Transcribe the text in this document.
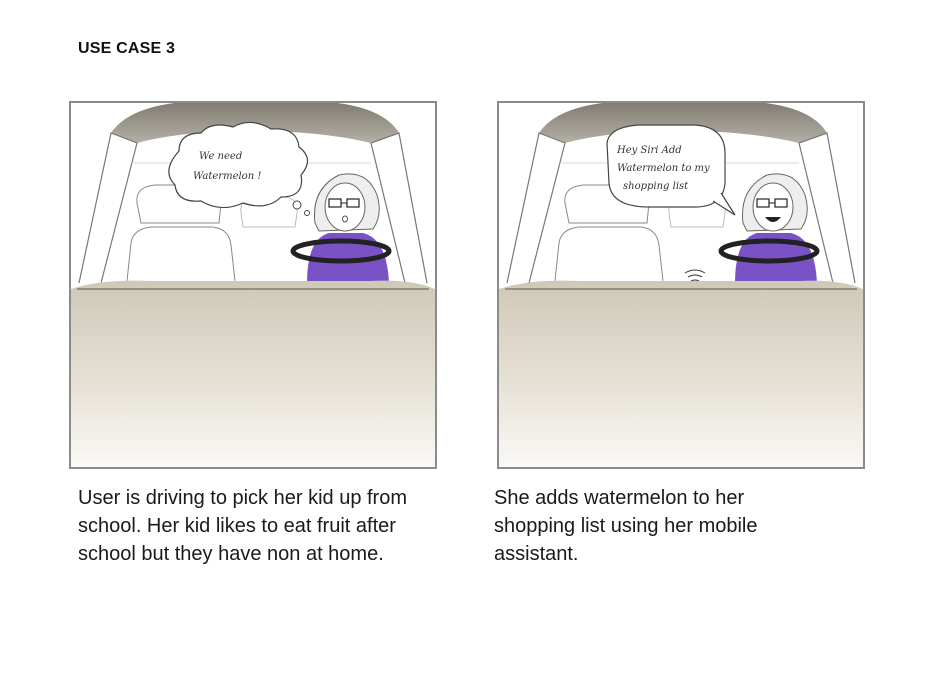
USE CASE 3
We need
Watermelon !
User is driving to pick her kid up from school. Her kid likes to eat fruit after school but they have non at home.
Hey Siri Add
Watermelon to my
shopping list
She adds watermelon to her shopping list using her mobile assistant.
